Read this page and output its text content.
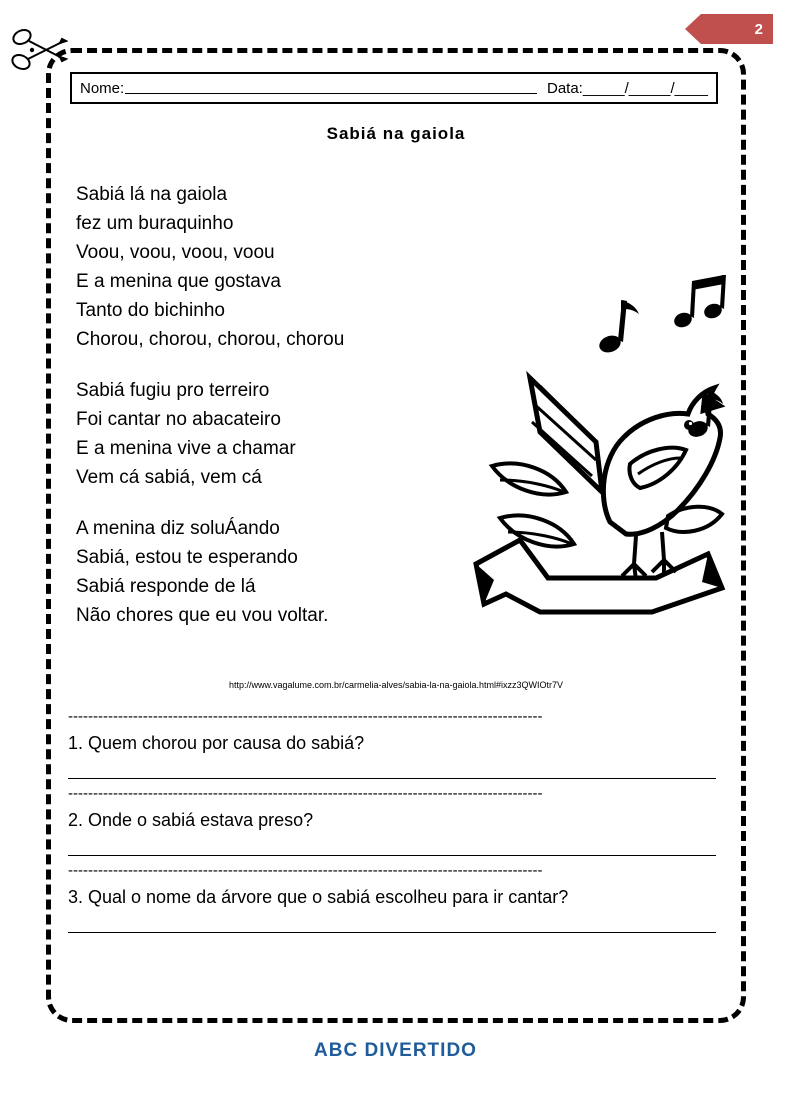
2
Nome:	Data: _____/_____/____
Sabiá na gaiola
Sabiá lá na gaiola
fez um buraquinho
Voou, voou, voou, voou
E a menina que gostava
Tanto do bichinho
Chorou, chorou, chorou, chorou
Sabiá fugiu pro terreiro
Foi cantar no abacateiro
E a menina vive a chamar
Vem cá sabiá, vem cá
A menina diz soluÁando
Sabiá, estou te esperando
Sabiá responde de lá
Não chores que eu vou voltar.
http://www.vagalume.com.br/carmelia-alves/sabia-la-na-gaiola.html#ixzz3QWIOtr7V
-----------------------------------------------------------------------------------------------
1. Quem chorou por causa do sabiá?
-----------------------------------------------------------------------------------------------
2. Onde o sabiá estava preso?
-----------------------------------------------------------------------------------------------
3. Qual o nome da árvore que o sabiá escolheu para ir cantar?
ABC DIVERTIDO
